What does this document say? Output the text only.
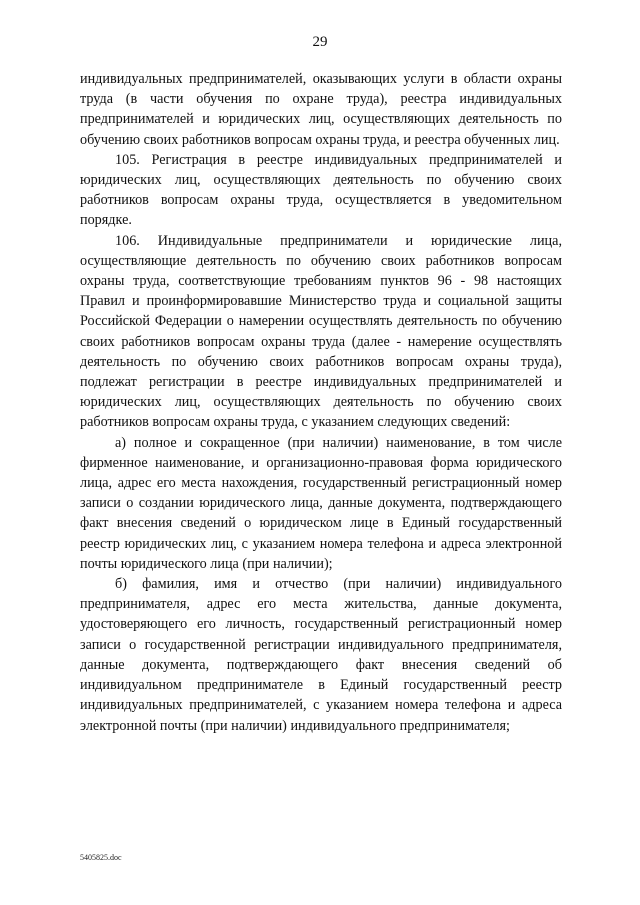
29

индивидуальных предпринимателей, оказывающих услуги в области охраны труда (в части обучения по охране труда), реестра индивидуальных предпринимателей и юридических лиц, осуществляющих деятельность по обучению своих работников вопросам охраны труда, и реестра обученных лиц.

105. Регистрация в реестре индивидуальных предпринимателей и юридических лиц, осуществляющих деятельность по обучению своих работников вопросам охраны труда, осуществляется в уведомительном порядке.

106. Индивидуальные предприниматели и юридические лица, осуществляющие деятельность по обучению своих работников вопросам охраны труда, соответствующие требованиям пунктов 96 - 98 настоящих Правил и проинформировавшие Министерство труда и социальной защиты Российской Федерации о намерении осуществлять деятельность по обучению своих работников вопросам охраны труда (далее - намерение осуществлять деятельность по обучению своих работников вопросам охраны труда), подлежат регистрации в реестре индивидуальных предпринимателей и юридических лиц, осуществляющих деятельность по обучению своих работников вопросам охраны труда, с указанием следующих сведений:

а) полное и сокращенное (при наличии) наименование, в том числе фирменное наименование, и организационно-правовая форма юридического лица, адрес его места нахождения, государственный регистрационный номер записи о создании юридического лица, данные документа, подтверждающего факт внесения сведений о юридическом лице в Единый государственный реестр юридических лиц, с указанием номера телефона и адреса электронной почты юридического лица (при наличии);

б) фамилия, имя и отчество (при наличии) индивидуального предпринимателя, адрес его места жительства, данные документа, удостоверяющего его личность, государственный регистрационный номер записи о государственной регистрации индивидуального предпринимателя, данные документа, подтверждающего факт внесения сведений об индивидуальном предпринимателе в Единый государственный реестр индивидуальных предпринимателей, с указанием номера телефона и адреса электронной почты (при наличии) индивидуального предпринимателя;

5405825.doc
